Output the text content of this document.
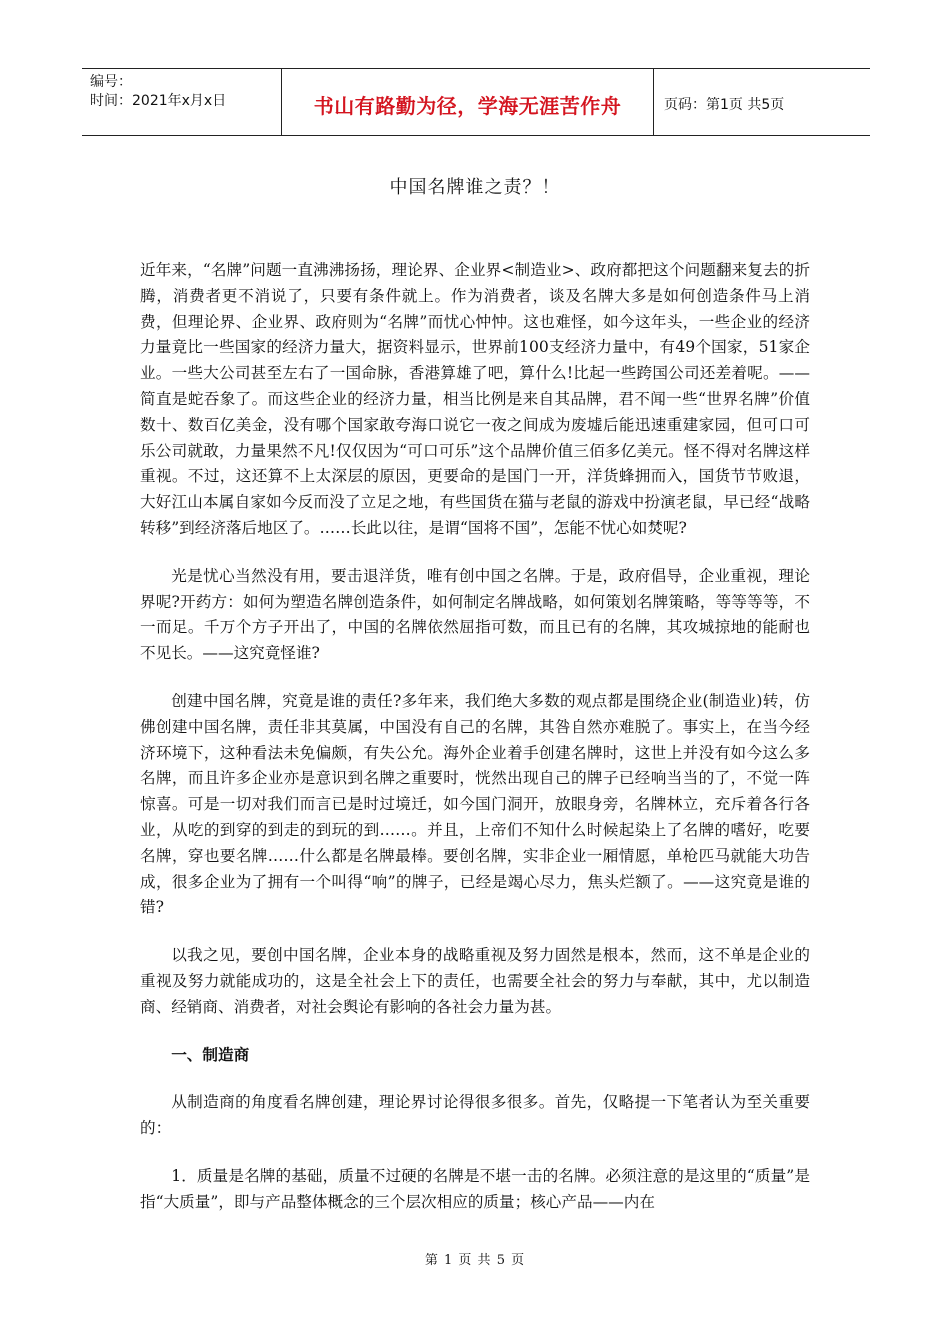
编号：
时间：2021年x月x日	书山有路勤为径，学海无涯苦作舟	页码：第1页 共5页
中国名牌谁之责？！

近年来，“名牌”问题一直沸沸扬扬，理论界、企业界<制造业>、政府都把这个问题翻来复去的折腾，消费者更不消说了，只要有条件就上。作为消费者，谈及名牌大多是如何创造条件马上消费，但理论界、企业界、政府则为“名牌”而忧心忡忡。这也难怪，如今这年头，一些企业的经济力量竟比一些国家的经济力量大，据资料显示，世界前100支经济力量中，有49个国家，51家企业。一些大公司甚至左右了一国命脉，香港算雄了吧，算什么!比起一些跨国公司还差着呢。——简直是蛇吞象了。而这些企业的经济力量，相当比例是来自其品牌，君不闻一些“世界名牌”价值数十、数百亿美金，没有哪个国家敢夸海口说它一夜之间成为废墟后能迅速重建家园，但可口可乐公司就敢，力量果然不凡!仅仅因为“可口可乐”这个品牌价值三佰多亿美元。怪不得对名牌这样重视。不过，这还算不上太深层的原因，更要命的是国门一开，洋货蜂拥而入，国货节节败退，大好江山本属自家如今反而没了立足之地，有些国货在猫与老鼠的游戏中扮演老鼠，早已经“战略转移”到经济落后地区了。……长此以往，是谓“国将不国”，怎能不忧心如焚呢?

光是忧心当然没有用，要击退洋货，唯有创中国之名牌。于是，政府倡导，企业重视，理论界呢?开药方：如何为塑造名牌创造条件，如何制定名牌战略，如何策划名牌策略，等等等等，不一而足。千万个方子开出了，中国的名牌依然屈指可数，而且已有的名牌，其攻城掠地的能耐也不见长。——这究竟怪谁?

创建中国名牌，究竟是谁的责任?多年来，我们绝大多数的观点都是围绕企业(制造业)转，仿佛创建中国名牌，责任非其莫属，中国没有自己的名牌，其咎自然亦难脱了。事实上，在当今经济环境下，这种看法未免偏颇，有失公允。海外企业着手创建名牌时，这世上并没有如今这么多名牌，而且许多企业亦是意识到名牌之重要时，恍然出现自己的牌子已经响当当的了，不觉一阵惊喜。可是一切对我们而言已是时过境迁，如今国门洞开，放眼身旁，名牌林立，充斥着各行各业，从吃的到穿的到走的到玩的到……。并且，上帝们不知什么时候起染上了名牌的嗜好，吃要名牌，穿也要名牌……什么都是名牌最棒。要创名牌，实非企业一厢情愿，单枪匹马就能大功告成，很多企业为了拥有一个叫得“响”的牌子，已经是竭心尽力，焦头烂额了。——这究竟是谁的错?

以我之见，要创中国名牌，企业本身的战略重视及努力固然是根本，然而，这不单是企业的重视及努力就能成功的，这是全社会上下的责任，也需要全社会的努力与奉献，其中，尤以制造商、经销商、消费者，对社会舆论有影响的各社会力量为甚。

一、制造商

从制造商的角度看名牌创建，理论界讨论得很多很多。首先，仅略提一下笔者认为至关重要的：

1．质量是名牌的基础，质量不过硬的名牌是不堪一击的名牌。必须注意的是这里的“质量”是指“大质量”，即与产品整体概念的三个层次相应的质量；核心产品——内在

第 1 页 共 5 页
